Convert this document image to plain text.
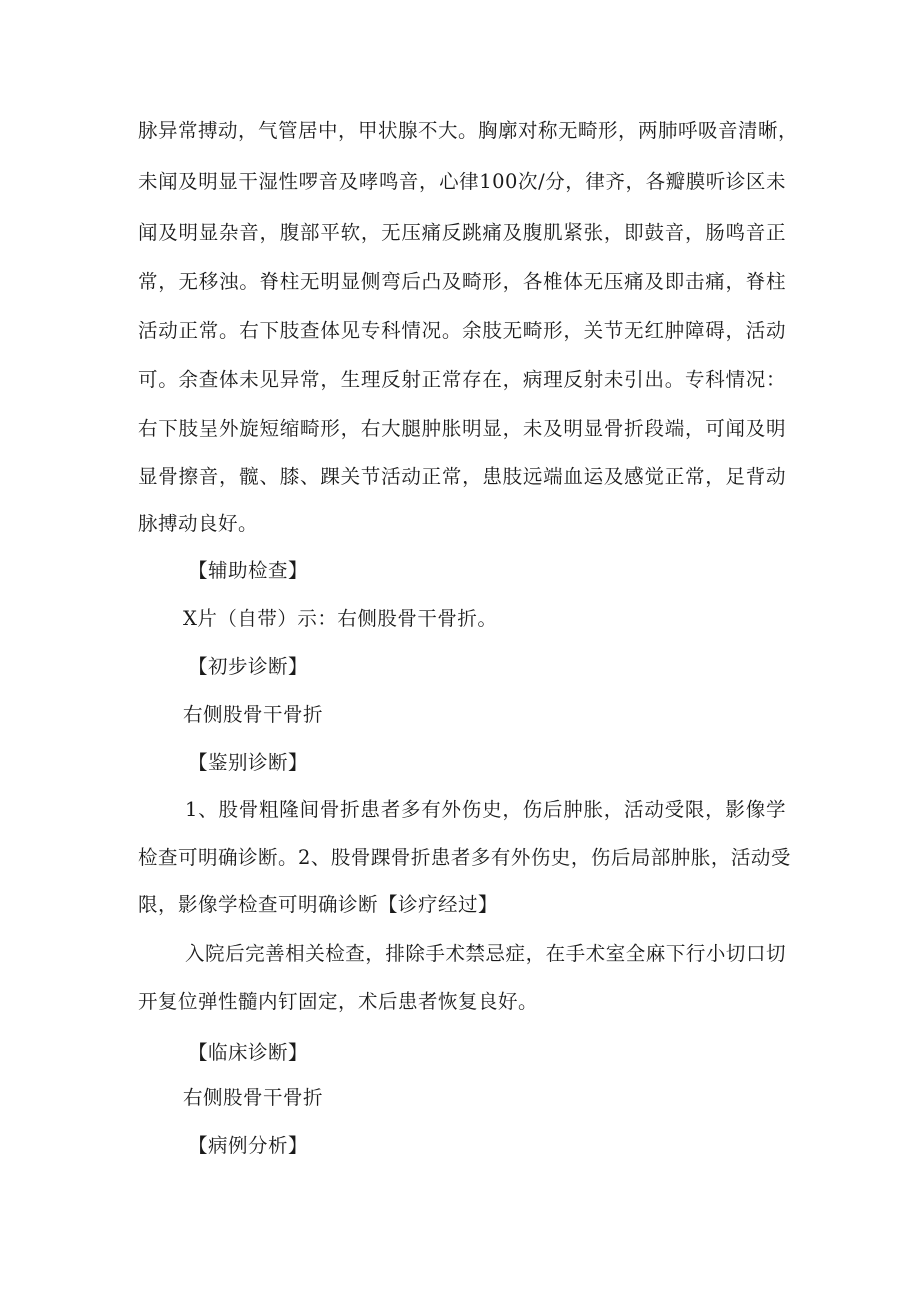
脉异常搏动，气管居中，甲状腺不大。胸廓对称无畸形，两肺呼吸音清晰，
未闻及明显干湿性啰音及哮鸣音，心律100次/分，律齐，各瓣膜听诊区未
闻及明显杂音，腹部平软，无压痛反跳痛及腹肌紧张，即鼓音，肠鸣音正
常，无移浊。脊柱无明显侧弯后凸及畸形，各椎体无压痛及即击痛，脊柱
活动正常。右下肢查体见专科情况。余肢无畸形，关节无红肿障碍，活动
可。余查体未见异常，生理反射正常存在，病理反射未引出。专科情况：
右下肢呈外旋短缩畸形，右大腿肿胀明显，未及明显骨折段端，可闻及明
显骨擦音，髋、膝、踝关节活动正常，患肢远端血运及感觉正常，足背动
脉搏动良好。
【辅助检查】
X片（自带）示：右侧股骨干骨折。
【初步诊断】
右侧股骨干骨折
【鉴别诊断】
1、股骨粗隆间骨折患者多有外伤史，伤后肿胀，活动受限，影像学
检查可明确诊断。2、股骨踝骨折患者多有外伤史，伤后局部肿胀，活动受
限，影像学检查可明确诊断【诊疗经过】
入院后完善相关检查，排除手术禁忌症，在手术室全麻下行小切口切
开复位弹性髓内钉固定，术后患者恢复良好。
【临床诊断】
右侧股骨干骨折
【病例分析】
